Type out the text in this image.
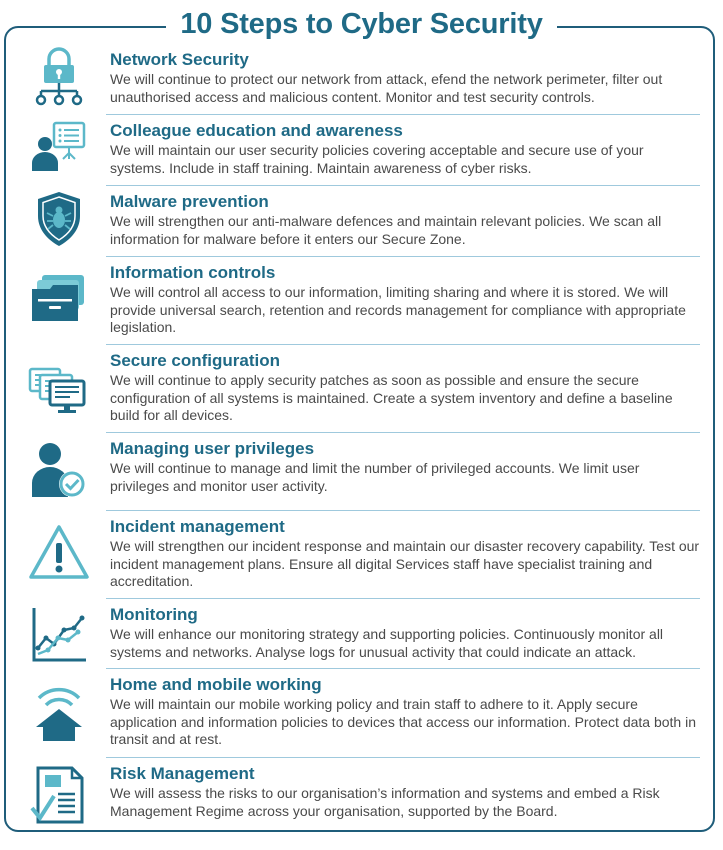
10 Steps to Cyber Security

Network Security

We will continue to protect our network from attack, efend the network perimeter, filter out unauthorised access and malicious content. Monitor and test security controls.

Colleague education and awareness

We will maintain our user security policies covering acceptable and secure use of your systems. Include in staff training. Maintain awareness of cyber risks.

Malware prevention

We will strengthen our anti-malware defences and maintain relevant policies. We scan all information for malware before it enters our Secure Zone.

Information controls

We will control all access to our information, limiting sharing and where it is stored. We will provide universal search, retention and records management for compliance with appropriate legislation.

Secure configuration

We will continue to apply security patches as soon as possible and ensure the secure configuration of all systems is maintained. Create a system inventory and define a baseline build for all devices.

Managing user privileges

We will continue to manage and limit the number of privileged accounts. We limit user privileges and monitor user activity.

Incident management

We will strengthen our incident response and maintain our disaster recovery capability. Test our incident management plans. Ensure all digital Services staff have specialist training and accreditation.

Monitoring

We will enhance our monitoring strategy and supporting policies. Continuously monitor all systems and networks. Analyse logs for unusual activity that could indicate an attack.

Home and mobile working

We will maintain our mobile working policy and train staff to adhere to it. Apply secure application and information policies to devices that access our information. Protect data both in transit and at rest.

Risk Management

We will assess the risks to our organisation’s information and systems and embed a Risk Management Regime across your organisation, supported by the Board.
